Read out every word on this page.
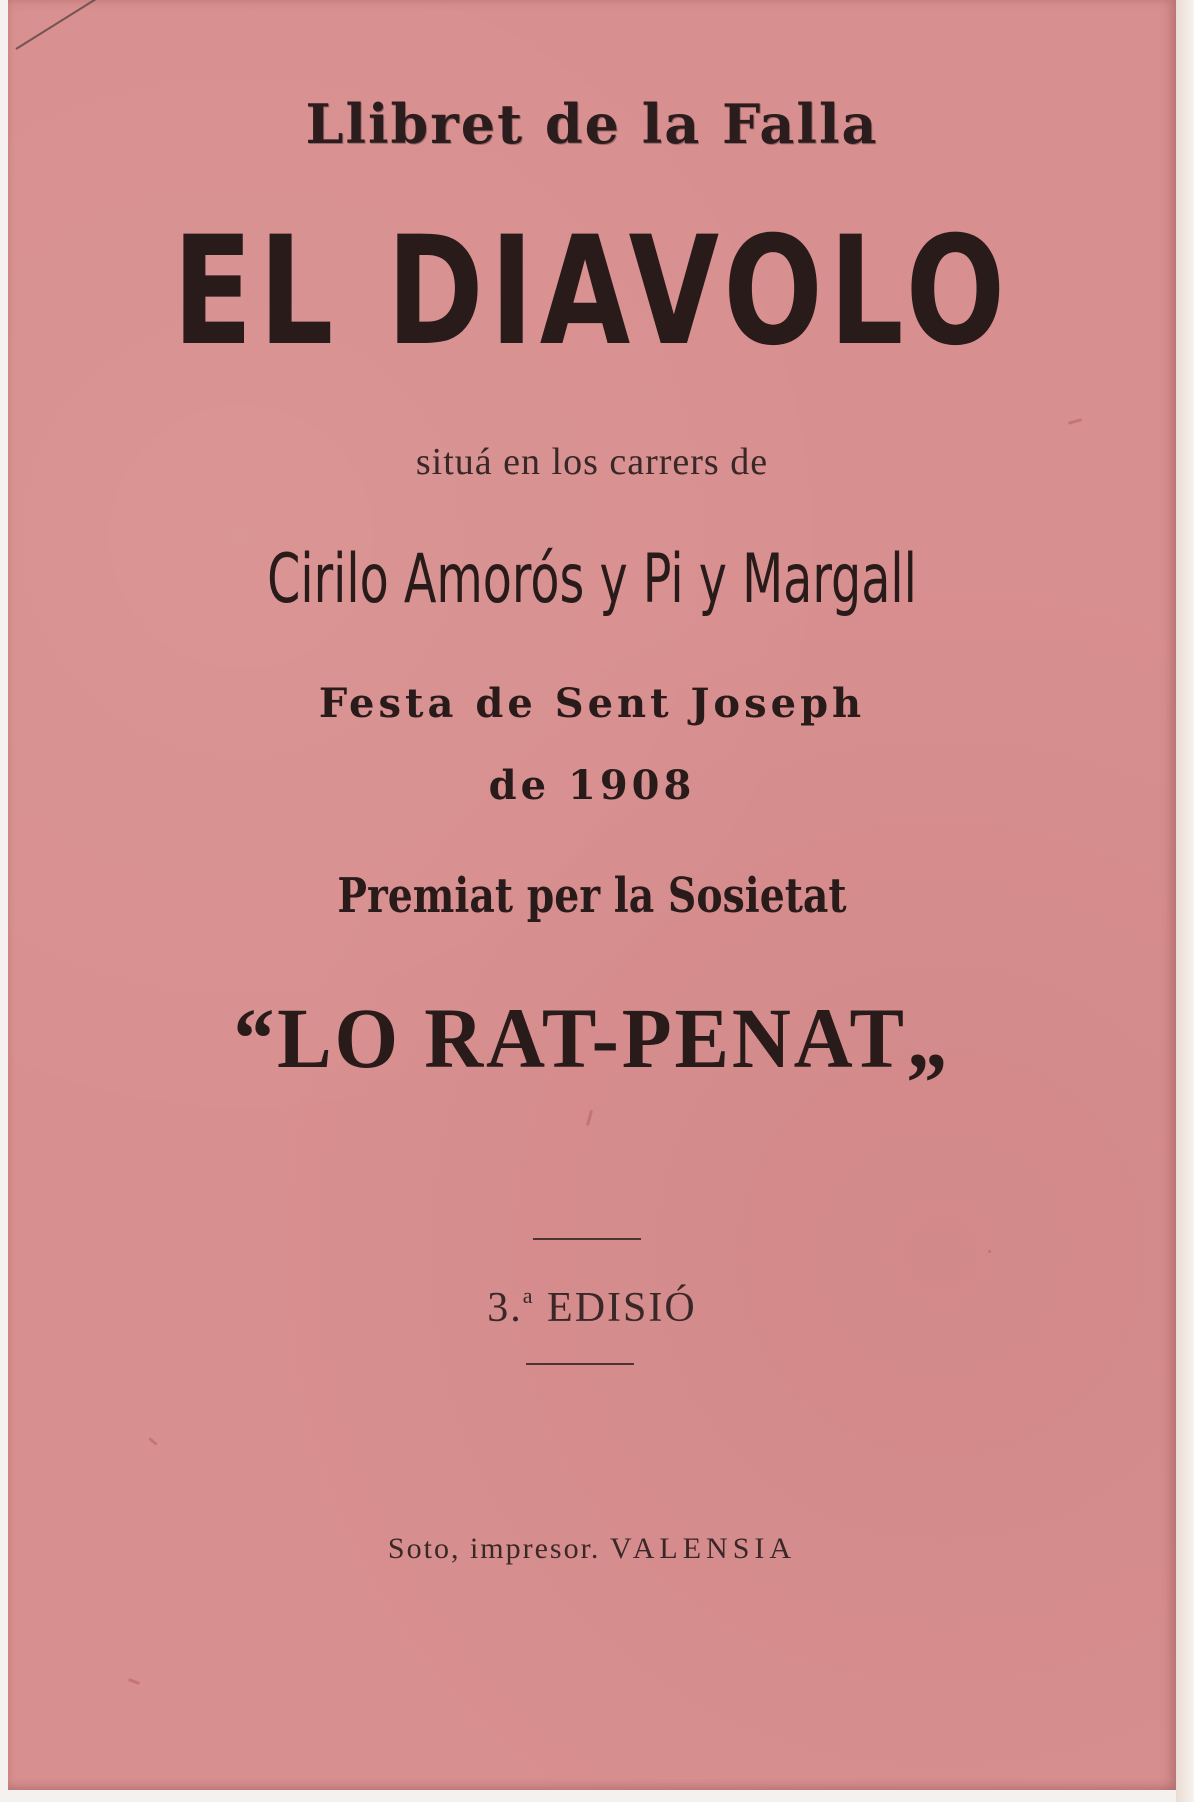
Llibret de la Falla
EL DIAVOLO
situá en los carrers de
Cirilo Amorós y Pi y Margall
Festa de Sent Joseph
de 1908
Premiat per la Sosietat
“LO RAT-PENAT„
3.$^a$ EDISIÓ
Soto, impresor. VALENSIA
